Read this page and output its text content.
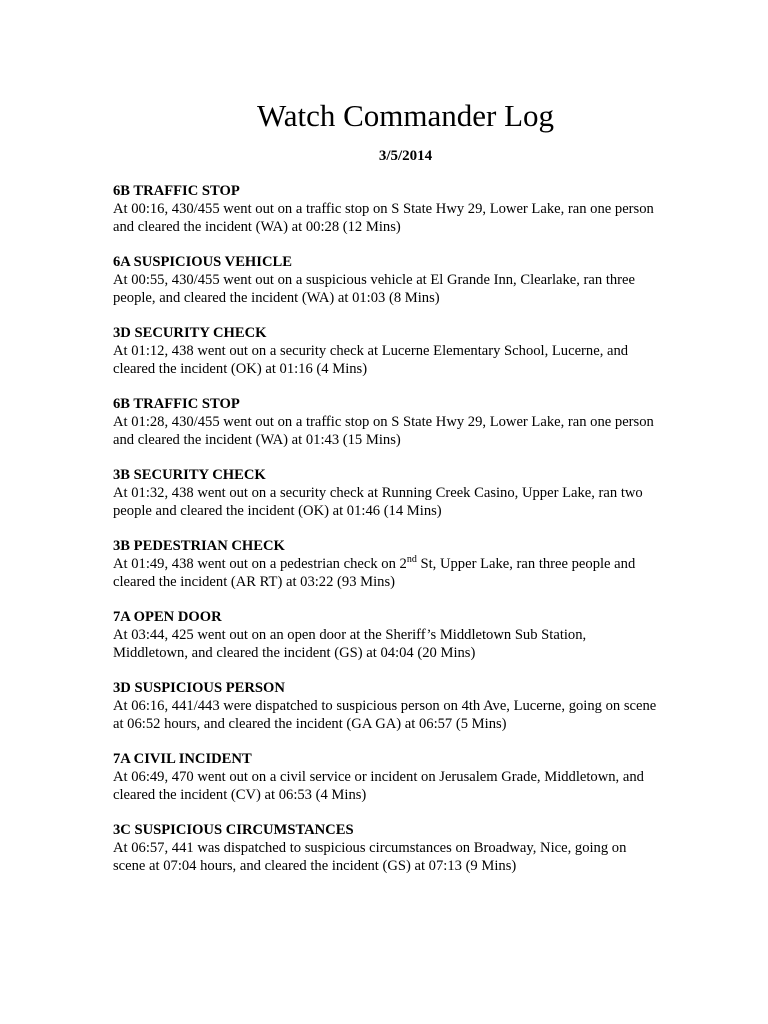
Watch Commander Log
3/5/2014
6B TRAFFIC STOP
At 00:16, 430/455 went out on a traffic stop on S State Hwy 29, Lower Lake, ran one person and cleared the incident (WA) at 00:28 (12 Mins)
6A SUSPICIOUS VEHICLE
At 00:55, 430/455 went out on a suspicious vehicle at El Grande Inn, Clearlake, ran three people, and cleared the incident (WA) at 01:03 (8 Mins)
3D SECURITY CHECK
At 01:12, 438 went out on a security check at Lucerne Elementary School, Lucerne, and cleared the incident (OK) at 01:16 (4 Mins)
6B TRAFFIC STOP
At 01:28, 430/455 went out on a traffic stop on S State Hwy 29, Lower Lake, ran one person and cleared the incident (WA) at 01:43 (15 Mins)
3B SECURITY CHECK
At 01:32, 438 went out on a security check at Running Creek Casino, Upper Lake, ran two people and cleared the incident (OK) at 01:46 (14 Mins)
3B PEDESTRIAN CHECK
At 01:49, 438 went out on a pedestrian check on 2nd St, Upper Lake, ran three people and cleared the incident (AR RT) at 03:22 (93 Mins)
7A OPEN DOOR
At 03:44, 425 went out on an open door at the Sheriff’s Middletown Sub Station, Middletown, and cleared the incident (GS) at 04:04 (20 Mins)
3D SUSPICIOUS PERSON
At 06:16, 441/443 were dispatched to suspicious person on 4th Ave, Lucerne, going on scene at 06:52 hours, and cleared the incident (GA GA) at 06:57 (5 Mins)
7A CIVIL INCIDENT
At 06:49, 470 went out on a civil service or incident on Jerusalem Grade, Middletown, and cleared the incident (CV) at 06:53 (4 Mins)
3C SUSPICIOUS CIRCUMSTANCES
At 06:57, 441 was dispatched to suspicious circumstances on Broadway, Nice, going on scene at 07:04 hours, and cleared the incident (GS) at 07:13 (9 Mins)
